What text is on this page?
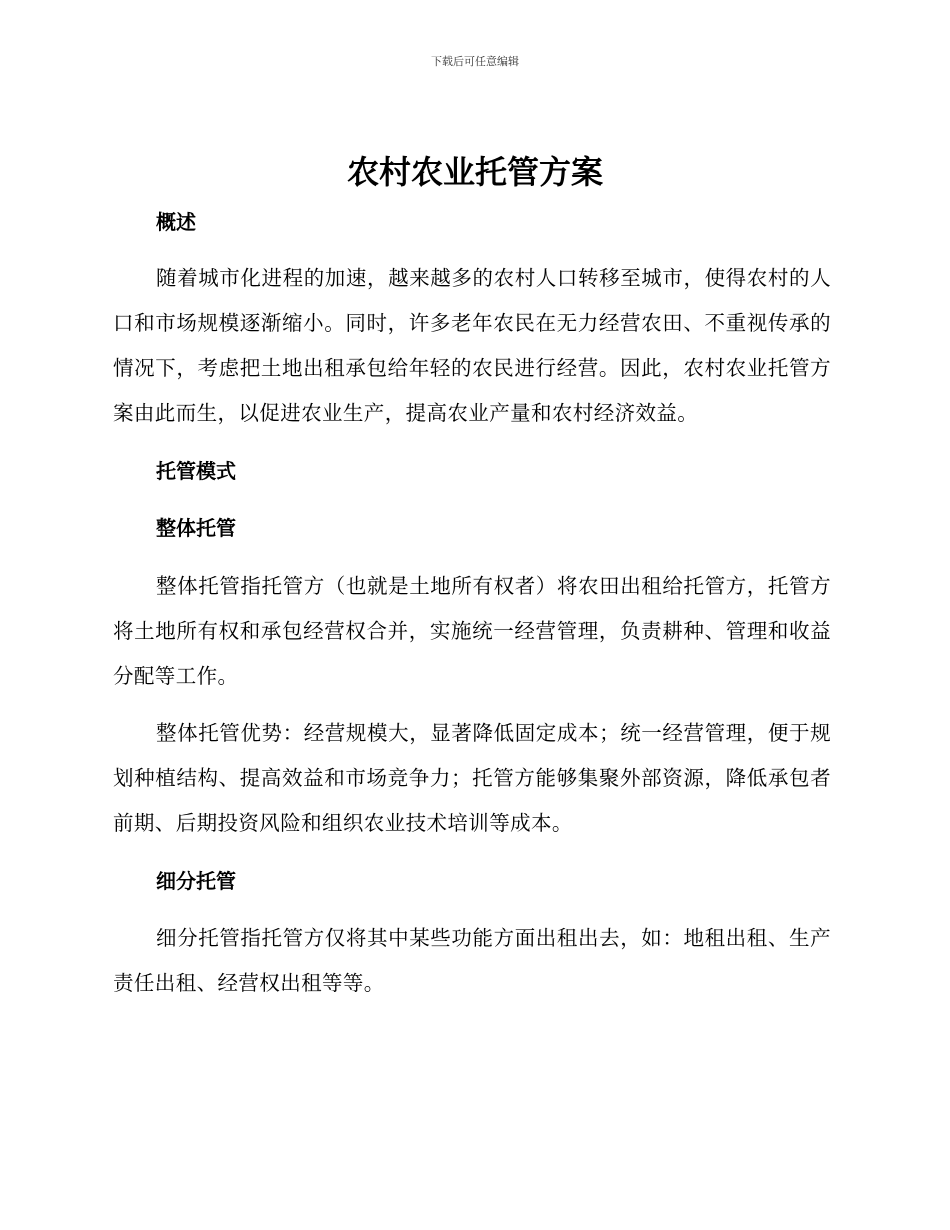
下载后可任意编辑
农村农业托管方案
概述

随着城市化进程的加速，越来越多的农村人口转移至城市，使得农村的人口和市场规模逐渐缩小。同时，许多老年农民在无力经营农田、不重视传承的情况下，考虑把土地出租承包给年轻的农民进行经营。因此，农村农业托管方案由此而生，以促进农业生产，提高农业产量和农村经济效益。

托管模式
整体托管

整体托管指托管方（也就是土地所有权者）将农田出租给托管方，托管方将土地所有权和承包经营权合并，实施统一经营管理，负责耕种、管理和收益分配等工作。

整体托管优势：经营规模大，显著降低固定成本；统一经营管理，便于规划种植结构、提高效益和市场竞争力；托管方能够集聚外部资源，降低承包者前期、后期投资风险和组织农业技术培训等成本。

细分托管

细分托管指托管方仅将其中某些功能方面出租出去，如：地租出租、生产责任出租、经营权出租等等。
